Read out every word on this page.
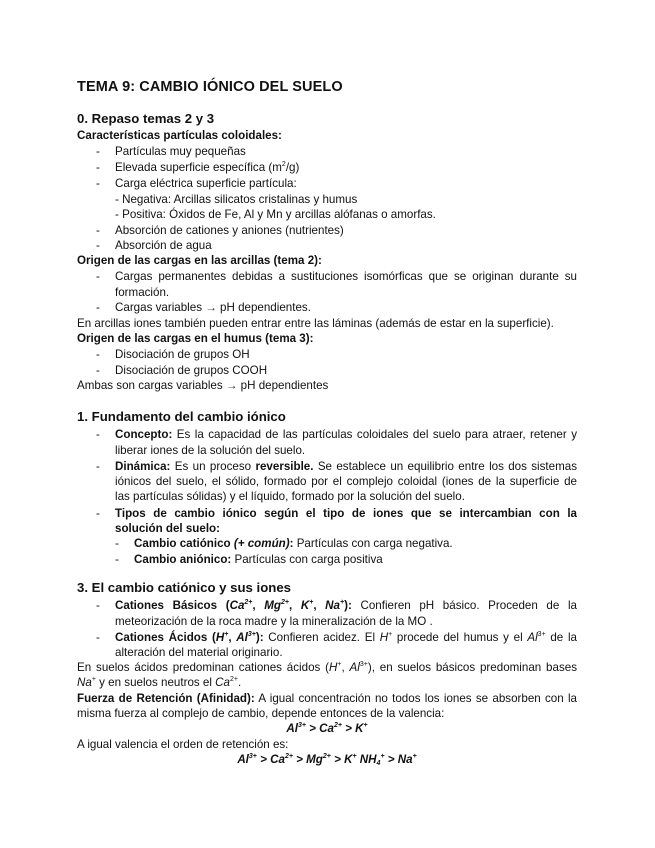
TEMA 9: CAMBIO IÓNICO DEL SUELO
0. Repaso temas 2 y 3
Características partículas coloidales:
- Partículas muy pequeñas
- Elevada superficie específica $(m^2/g)$
- Carga eléctrica superficie partícula:
- Negativa: Arcillas silicatos cristalinas y humus
- Positiva: Óxidos de Fe, Al y Mn y arcillas alófanas o amorfas.
- Absorción de cationes y aniones (nutrientes)
- Absorción de agua
Origen de las cargas en las arcillas (tema 2):
- Cargas permanentes debidas a sustituciones isomórficas que se originan durante su
formación.
- Cargas variables → pH dependientes.
En arcillas iones también pueden entrar entre las láminas (además de estar en la superficie).
Origen de las cargas en el humus (tema 3):
- Disociación de grupos OH
- Disociación de grupos COOH
Ambas son cargas variables → pH dependientes
1. Fundamento del cambio iónico
- Concepto: Es la capacidad de las partículas coloidales del suelo para atraer, retener y
liberar iones de la solución del suelo.
- Dinámica: Es un proceso reversible. Se establece un equilibrio entre los dos sistemas
iónicos del suelo, el sólido, formado por el complejo coloidal (iones de la superficie de
las partículas sólidas) y el líquido, formado por la solución del suelo.
- Tipos de cambio iónico según el tipo de iones que se intercambian con la
solución del suelo:
- Cambio catiónico (+ común): Partículas con carga negativa.
- Cambio aniónico: Partículas con carga positiva
3. El cambio catiónico y sus iones
- Cationes Básicos ($Ca^{2+}$, $Mg^{2+}$, K+, Na+): Confieren pH básico. Proceden de la
meteorización de la roca madre y la mineralización de la MO .
- Cationes Ácidos (H+, $Al^{3+}$): Confieren acidez. El H+ procede del humus y el $Al^{3+}$ de la
alteración del material originario.
En suelos ácidos predominan cationes ácidos (H+, $Al^{3+}$), en suelos básicos predominan bases
Na+ y en suelos neutros el $Ca^{2+}$.
Fuerza de Retención (Afinidad): A igual concentración no todos los iones se absorben con la
misma fuerza al complejo de cambio, depende entonces de la valencia:
$Al^{3+} > Ca^{2+} > K^+$
A igual valencia el orden de retención es:
$Al^{3+} > Ca^{2+} > Mg^{2+} > K^+$ $NH_4^+ > Na^+$
